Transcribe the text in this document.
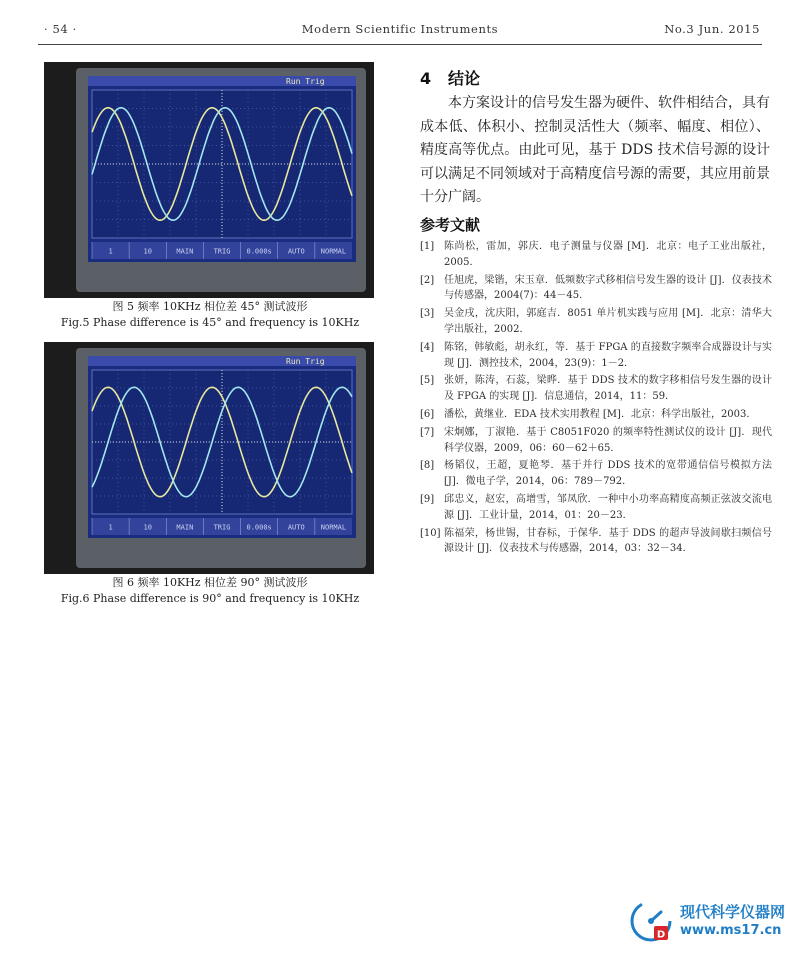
· 54 ·	Modern Scientific Instruments	No.3 Jun. 2015
图 5 频率 10KHz 相位差 45° 测试波形
Fig.5 Phase difference is 45° and frequency is 10KHz
图 6 频率 10KHz 相位差 90° 测试波形
Fig.6 Phase difference is 90° and frequency is 10KHz
4 结论

本方案设计的信号发生器为硬件、软件相结合，具有成本低、体积小、控制灵活性大（频率、幅度、相位）、精度高等优点。由此可见，基于 DDS 技术信号源的设计可以满足不同领域对于高精度信号源的需要，其应用前景十分广阔。

参考文献
[1] 陈尚松，雷加，郭庆．电子测量与仪器 [M]．北京：电子工业出版社，2005．
[2] 任旭虎，梁锴，宋玉章．低频数字式移相信号发生器的设计 [J]．仪表技术与传感器，2004(7)：44－45．
[3] 吴金戌，沈庆阳，郭庭吉．8051 单片机实践与应用 [M]．北京：清华大学出版社，2002．
[4] 陈铭，韩敏彪，胡永红，等．基于 FPGA 的直接数字频率合成器设计与实现 [J]．测控技术，2004，23(9)：1－2．
[5] 张妍，陈涛，石蕊，梁晔．基于 DDS 技术的数字移相信号发生器的设计及 FPGA 的实现 [J]．信息通信，2014，11：59．
[6] 潘松，黄继业．EDA 技术实用教程 [M]．北京：科学出版社，2003．
[7] 宋炯娜，丁淑艳．基于 C8051F020 的频率特性测试仪的设计 [J]．现代科学仪器，2009，06：60－62＋65．
[8] 杨韬仪，王超，夏艳琴．基于并行 DDS 技术的宽带通信信号模拟方法 [J]．微电子学，2014，06：789－792．
[9] 邱忠义，赵宏，高增雪，邹凤欣．一种中小功率高精度高频正弦波交流电源 [J]．工业计量，2014，01：20－23．
[10] 陈福荣，杨世锡，甘春标，于保华．基于 DDS 的超声导波间歇扫频信号源设计 [J]．仪表技术与传感器，2014，03：32－34．
D
现代科学仪器网
www.ms17.cn
